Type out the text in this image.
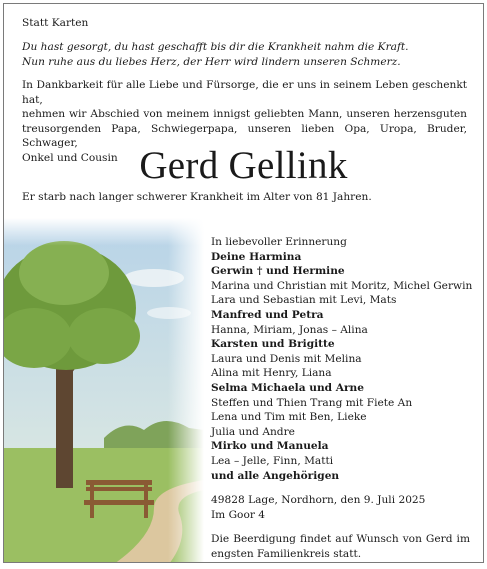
Statt Karten
Du hast gesorgt, du hast geschafft bis dir die Krankheit nahm die Kraft.
Nun ruhe aus du liebes Herz, der Herr wird lindern unseren Schmerz.
In Dankbarkeit für alle Liebe und Fürsorge, die er uns in seinem Leben geschenkt hat,
nehmen wir Abschied von meinem innigst geliebten Mann, unseren herzensguten
treusorgenden Papa, Schwiegerpapa, unseren lieben Opa, Uropa, Bruder, Schwager,
Onkel und Cousin Gerd Gellink
Er starb nach langer schwerer Krankheit im Alter von 81 Jahren.
In liebevoller Erinnerung
Deine Harmina
Gerwin † und Hermine
Marina und Christian mit Moritz, Michel Gerwin
Lara und Sebastian mit Levi, Mats
Manfred und Petra
Hanna, Miriam, Jonas – Alina
Karsten und Brigitte
Laura und Denis mit Melina
Alina mit Henry, Liana
Selma Michaela und Arne
Steffen und Thien Trang mit Fiete An
Lena und Tim mit Ben, Lieke
Julia und Andre
Mirko und Manuela
Lea – Jelle, Finn, Matti
und alle Angehörigen
49828 Lage, Nordhorn, den 9. Juli 2025
Im Goor 4
Die Beerdigung findet auf Wunsch von Gerd im
engsten Familienkreis statt.
